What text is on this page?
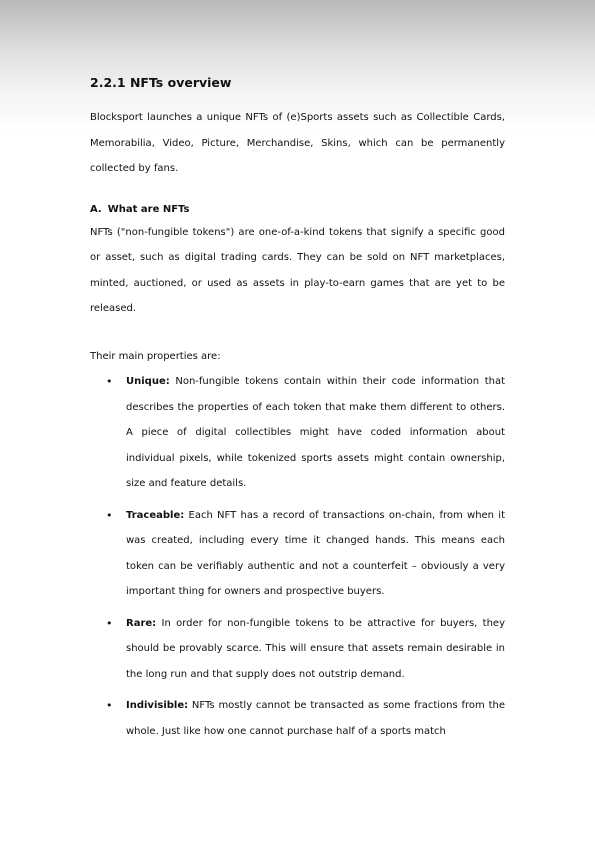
2.2.1 NFTs overview

Blocksport launches a unique NFTs of (e)Sports assets such as Collectible Cards, Memorabilia, Video, Picture, Merchandise, Skins, which can be permanently collected by fans.

A. What are NFTs

NFTs ("non-fungible tokens") are one-of-a-kind tokens that signify a specific good or asset, such as digital trading cards. They can be sold on NFT marketplaces, minted, auctioned, or used as assets in play-to-earn games that are yet to be released.

Their main properties are:

• Unique: Non-fungible tokens contain within their code information that describes the properties of each token that make them different to others. A piece of digital collectibles might have coded information about individual pixels, while tokenized sports assets might contain ownership, size and feature details.
• Traceable: Each NFT has a record of transactions on-chain, from when it was created, including every time it changed hands. This means each token can be verifiably authentic and not a counterfeit – obviously a very important thing for owners and prospective buyers.
• Rare: In order for non-fungible tokens to be attractive for buyers, they should be provably scarce. This will ensure that assets remain desirable in the long run and that supply does not outstrip demand.
• Indivisible: NFTs mostly cannot be transacted as some fractions from the whole. Just like how one cannot purchase half of a sports match
